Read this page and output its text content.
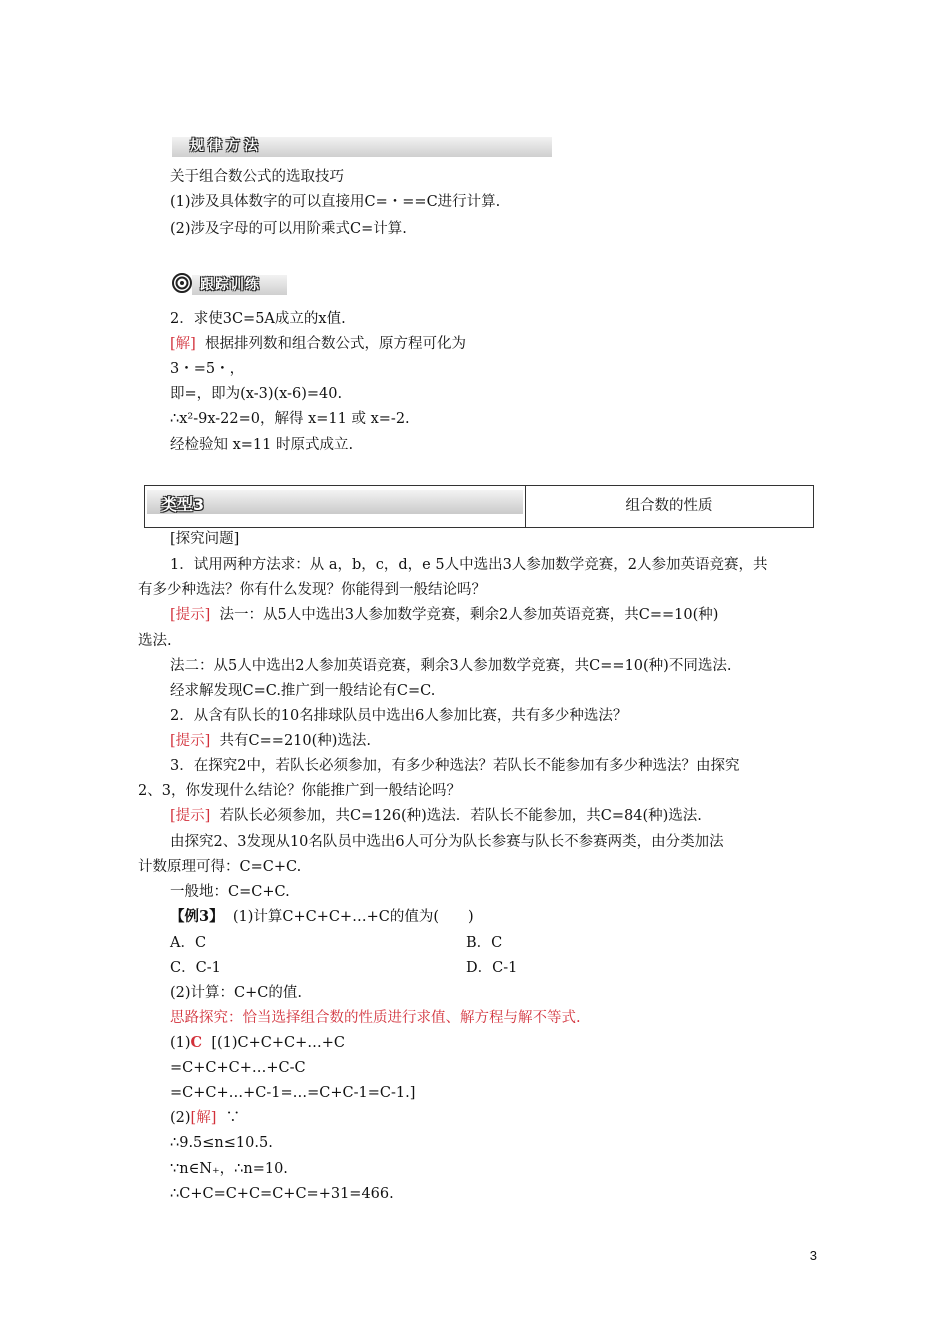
规律方法
关于组合数公式的选取技巧
(1)涉及具体数字的可以直接用C=・==C进行计算.
(2)涉及字母的可以用阶乘式C=计算.
跟踪训练
2．求使3C=5A成立的x值.
[解] 根据排列数和组合数公式，原方程可化为
3・=5・，
即=，即为(x-3)(x-6)=40.
∴x²-9x-22=0，解得 x=11 或 x=-2.
经检验知 x=11 时原式成立.
类型3	组合数的性质
[探究问题]
1．试用两种方法求：从 a，b，c，d，e 5人中选出3人参加数学竞赛，2人参加英语竞赛，共
有多少种选法？你有什么发现？你能得到一般结论吗？
[提示] 法一：从5人中选出3人参加数学竞赛，剩余2人参加英语竞赛，共C==10(种)
选法.
法二：从5人中选出2人参加英语竞赛，剩余3人参加数学竞赛，共C==10(种)不同选法.
经求解发现C=C.推广到一般结论有C=C.
2．从含有队长的10名排球队员中选出6人参加比赛，共有多少种选法？
[提示] 共有C==210(种)选法.
3．在探究2中，若队长必须参加，有多少种选法？若队长不能参加有多少种选法？由探究
2、3，你发现什么结论？你能推广到一般结论吗？
[提示] 若队长必须参加，共C=126(种)选法．若队长不能参加，共C=84(种)选法.
由探究2、3发现从10名队员中选出6人可分为队长参赛与队长不参赛两类，由分类加法
计数原理可得：C=C+C.
一般地：C=C+C.
【例3】 (1)计算C+C+C+…+C的值为(　　)
A．C	B．C
C．C-1	D．C-1
(2)计算：C+C的值.
思路探究：恰当选择组合数的性质进行求值、解方程与解不等式.
(1)C [(1)C+C+C+…+C
=C+C+C+…+C-C
=C+C+…+C-1=…=C+C-1=C-1.]
(2)[解] ∵
∴9.5≤n≤10.5.
∵n∈N₊，∴n=10.
∴C+C=C+C=C+C=+31=466.
3
